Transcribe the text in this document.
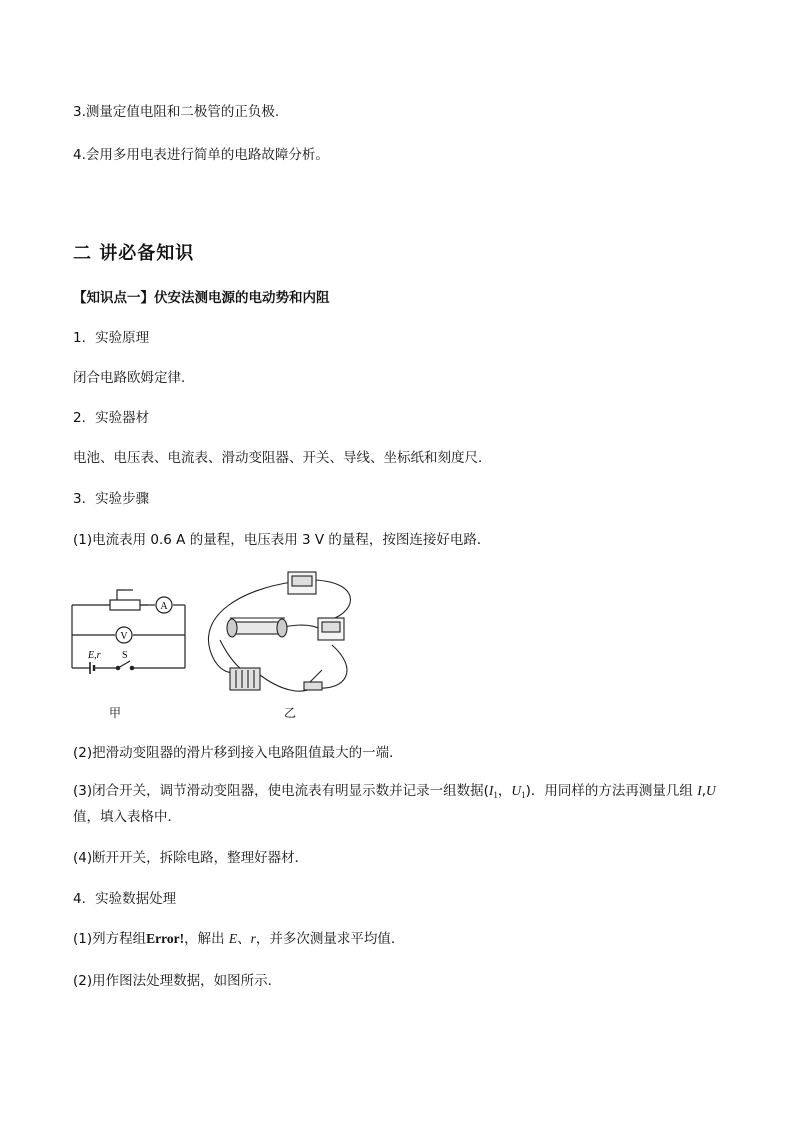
3.测量定值电阻和二极管的正负极.
4.会用多用电表进行简单的电路故障分析。
二 讲必备知识
【知识点一】伏安法测电源的电动势和内阻
1．实验原理
闭合电路欧姆定律．
2．实验器材
电池、电压表、电流表、滑动变阻器、开关、导线、坐标纸和刻度尺．
3．实验步骤
(1)电流表用 0.6 A 的量程，电压表用 3 V 的量程，按图连接好电路．
A
V
E,r S
甲	乙
(2)把滑动变阻器的滑片移到接入电路阻值最大的一端．
(3)闭合开关，调节滑动变阻器，使电流表有明显示数并记录一组数据($I_1$，$U_1$)．用同样的方法再测量几组 I,U
值，填入表格中．
(4)断开开关，拆除电路，整理好器材．
4．实验数据处理
(1)列方程组Error!，解出 E、r，并多次测量求平均值．
(2)用作图法处理数据，如图所示．
